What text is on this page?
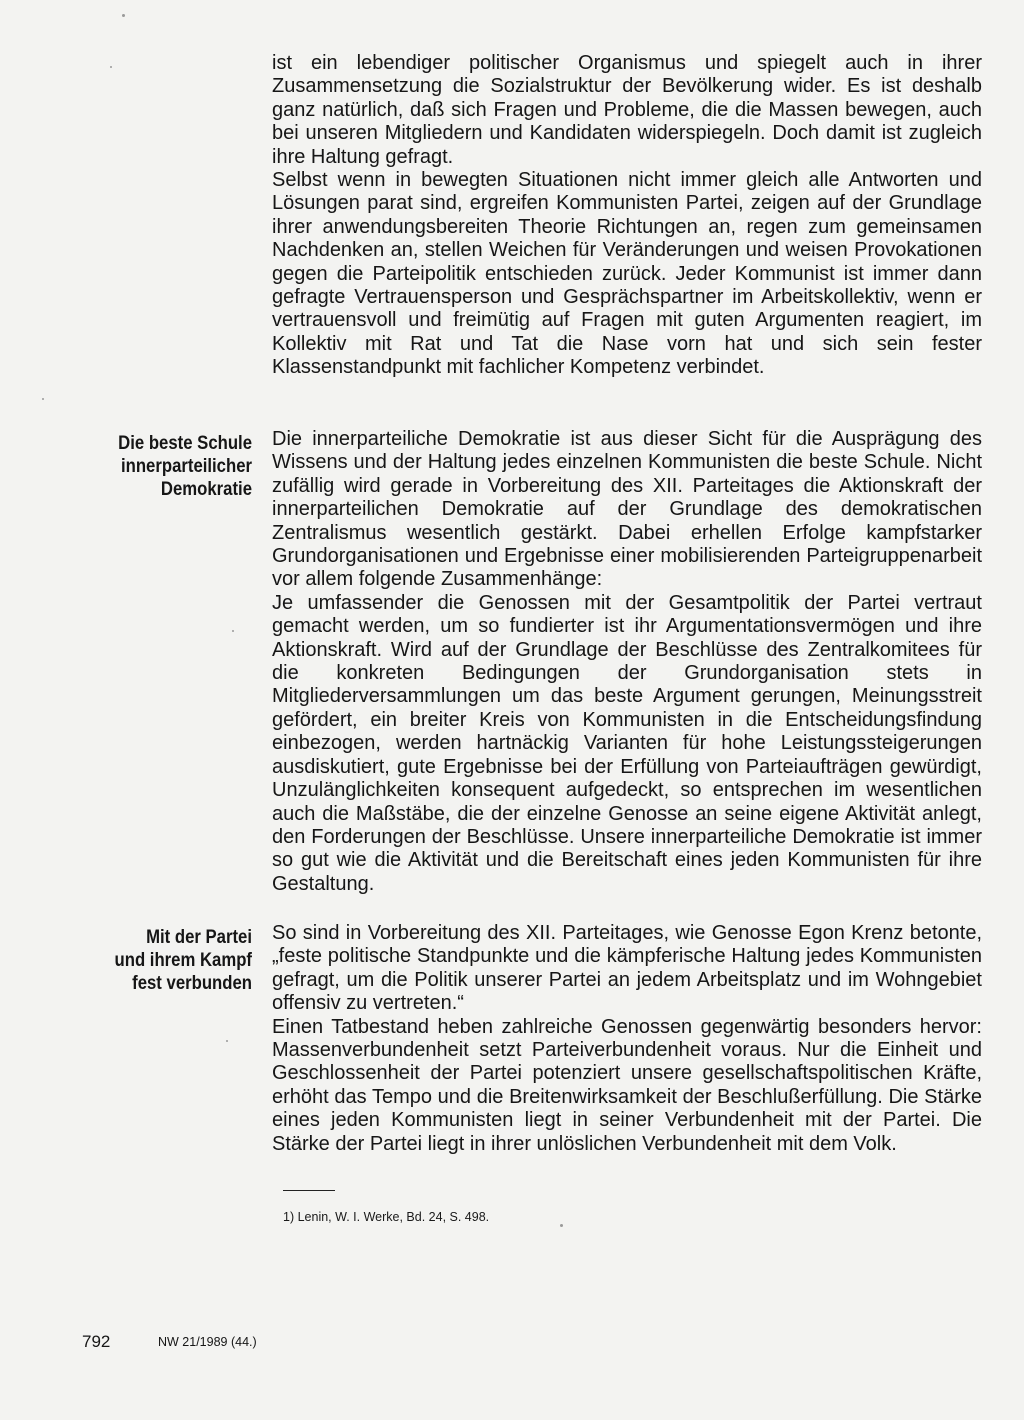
ist ein lebendiger politischer Organismus und spiegelt auch in ihrer Zusammensetzung die Sozialstruktur der Bevölkerung wider. Es ist deshalb ganz natürlich, daß sich Fragen und Probleme, die die Massen bewegen, auch bei unseren Mitgliedern und Kandidaten widerspiegeln. Doch damit ist zugleich ihre Haltung gefragt.

Selbst wenn in bewegten Situationen nicht immer gleich alle Antworten und Lösungen parat sind, ergreifen Kommunisten Partei, zeigen auf der Grundlage ihrer anwendungsbereiten Theorie Richtungen an, regen zum gemeinsamen Nachdenken an, stellen Weichen für Veränderungen und weisen Provokationen gegen die Parteipolitik entschieden zurück. Jeder Kommunist ist immer dann gefragte Vertrauensperson und Gesprächspartner im Arbeitskollektiv, wenn er vertrauensvoll und freimütig auf Fragen mit guten Argumenten reagiert, im Kollektiv mit Rat und Tat die Nase vorn hat und sich sein fester Klassenstandpunkt mit fachlicher Kompetenz verbindet.

Die beste Schule
innerparteilicher
Demokratie

Die innerparteiliche Demokratie ist aus dieser Sicht für die Ausprägung des Wissens und der Haltung jedes einzelnen Kommunisten die beste Schule. Nicht zufällig wird gerade in Vorbereitung des XII. Parteitages die Aktionskraft der innerparteilichen Demokratie auf der Grundlage des demokratischen Zentralismus wesentlich gestärkt. Dabei erhellen Erfolge kampfstarker Grundorganisationen und Ergebnisse einer mobilisierenden Parteigruppenarbeit vor allem folgende Zusammenhänge:

Je umfassender die Genossen mit der Gesamtpolitik der Partei vertraut gemacht werden, um so fundierter ist ihr Argumentationsvermögen und ihre Aktionskraft. Wird auf der Grundlage der Beschlüsse des Zentralkomitees für die konkreten Bedingungen der Grundorganisation stets in Mitgliederversammlungen um das beste Argument gerungen, Meinungsstreit gefördert, ein breiter Kreis von Kommunisten in die Entscheidungsfindung einbezogen, werden hartnäckig Varianten für hohe Leistungssteigerungen ausdiskutiert, gute Ergebnisse bei der Erfüllung von Parteiaufträgen gewürdigt, Unzulänglichkeiten konsequent aufgedeckt, so entsprechen im wesentlichen auch die Maßstäbe, die der einzelne Genosse an seine eigene Aktivität anlegt, den Forderungen der Beschlüsse. Unsere innerparteiliche Demokratie ist immer so gut wie die Aktivität und die Bereitschaft eines jeden Kommunisten für ihre Gestaltung.

Mit der Partei
und ihrem Kampf
fest verbunden

So sind in Vorbereitung des XII. Parteitages, wie Genosse Egon Krenz betonte, „feste politische Standpunkte und die kämpferische Haltung jedes Kommunisten gefragt, um die Politik unserer Partei an jedem Arbeitsplatz und im Wohngebiet offensiv zu vertreten.“

Einen Tatbestand heben zahlreiche Genossen gegenwärtig besonders hervor: Massenverbundenheit setzt Parteiverbundenheit voraus. Nur die Einheit und Geschlossenheit der Partei potenziert unsere gesellschaftspolitischen Kräfte, erhöht das Tempo und die Breitenwirksamkeit der Beschlußerfüllung. Die Stärke eines jeden Kommunisten liegt in seiner Verbundenheit mit der Partei. Die Stärke der Partei liegt in ihrer unlöslichen Verbundenheit mit dem Volk.

1) Lenin, W. I. Werke, Bd. 24, S. 498.
792	NW 21/1989 (44.)
